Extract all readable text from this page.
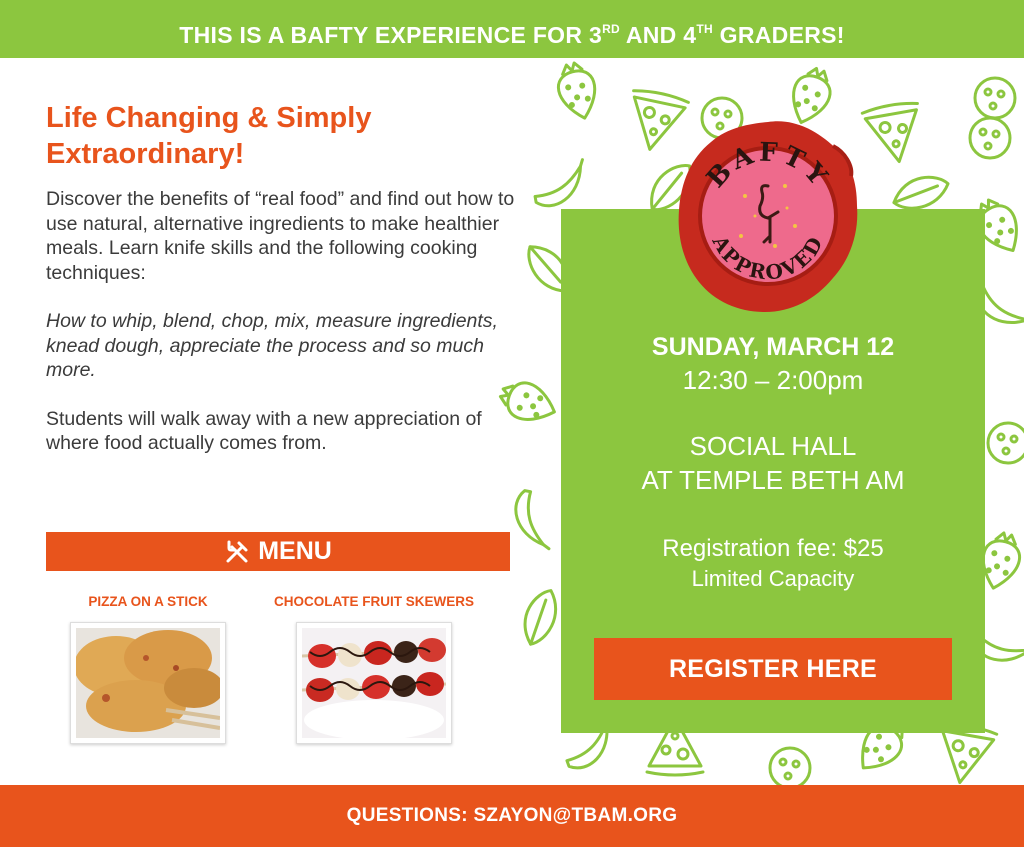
THIS IS A BAFTY EXPERIENCE FOR 3RD AND 4TH GRADERS!
Life Changing & Simply Extraordinary!

Discover the benefits of “real food” and find out how to use natural, alternative ingredients to make healthier meals. Learn knife skills and the following cooking techniques:

How to whip, blend, chop, mix, measure ingredients, knead dough, appreciate the process and so much more.

Students will walk away with a new appreciation of where food actually comes from.

MENU
PIZZA ON A STICK	CHOCOLATE FRUIT SKEWERS
SUNDAY, MARCH 12
12:30 – 2:00pm
SOCIAL HALL
AT TEMPLE BETH AM
Registration fee: $25
Limited Capacity
REGISTER HERE
BAFTY
APPROVED
QUESTIONS: SZAYON@TBAM.ORG
